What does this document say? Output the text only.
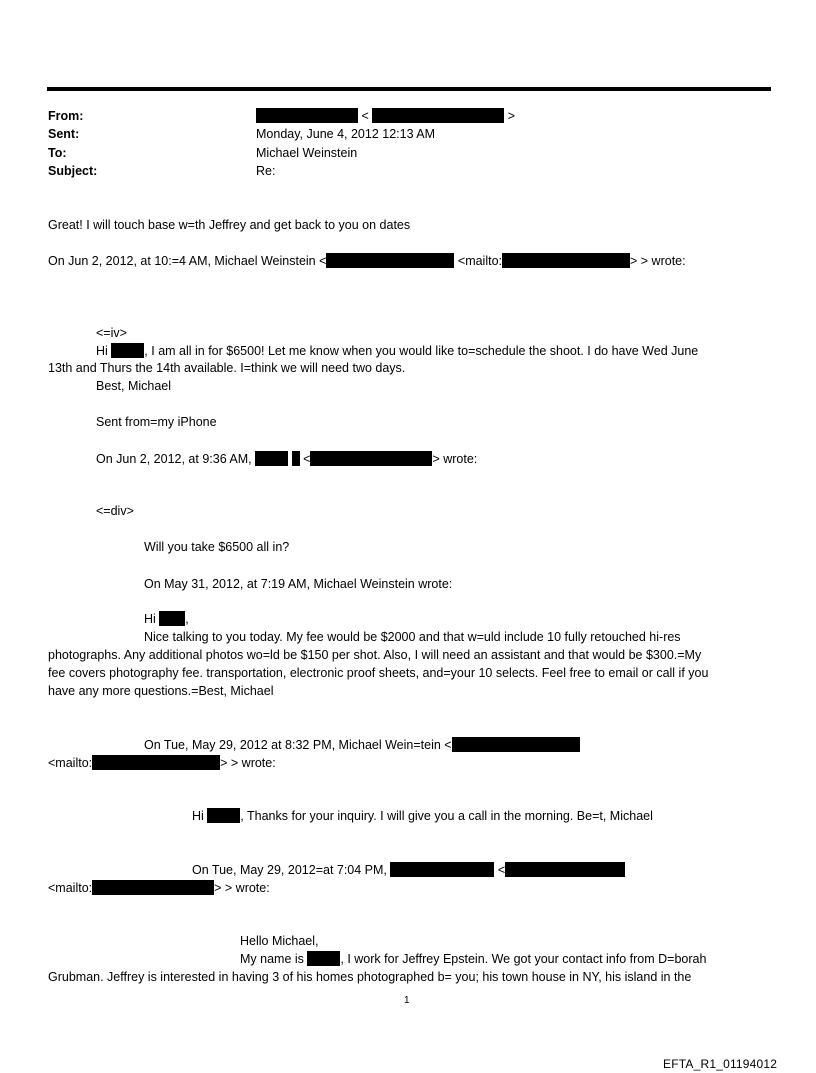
From:	<	>
Sent:	Monday, June 4, 2012 12:13 AM
To:	Michael Weinstein
Subject:	Re:
Great! I will touch base w=th Jeffrey and get back to you on dates
On Jun 2, 2012, at 10:=4 AM, Michael Weinstein <	<mailto:	> > wrote:
<=iv>
Hi	, I am all in for $6500! Let me know when you would like to=schedule the shoot. I do have Wed June
13th and Thurs the 14th available. I=think we will need two days.
Best, Michael
Sent from=my iPhone
On Jun 2, 2012, at 9:36 AM,	<	> wrote:
<=div>
Will you take $6500 all in?
On May 31, 2012, at 7:19 AM, Michael Weinstein wrote:
Hi ,
Nice talking to you today. My fee would be $2000 and that w=uld include 10 fully retouched hi-res
photographs. Any additional photos wo=ld be $150 per shot. Also, I will need an assistant and that would be $300.=My
fee covers photography fee. transportation, electronic proof sheets, and=your 10 selects. Feel free to email or call if you
have any more questions.=Best, Michael
On Tue, May 29, 2012 at 8:32 PM, Michael Wein=tein <
<mailto:	> > wrote:
Hi	, Thanks for your inquiry. I will give you a call in the morning. Be=t, Michael
On Tue, May 29, 2012=at 7:04 PM,	<
<mailto:	> > wrote:
Hello Michael,
My name is	, I work for Jeffrey Epstein. We got your contact info from D=borah
Grubman. Jeffrey is interested in having 3 of his homes photographed b= you; his town house in NY, his island in the
1
EFTA_R1_01194012
